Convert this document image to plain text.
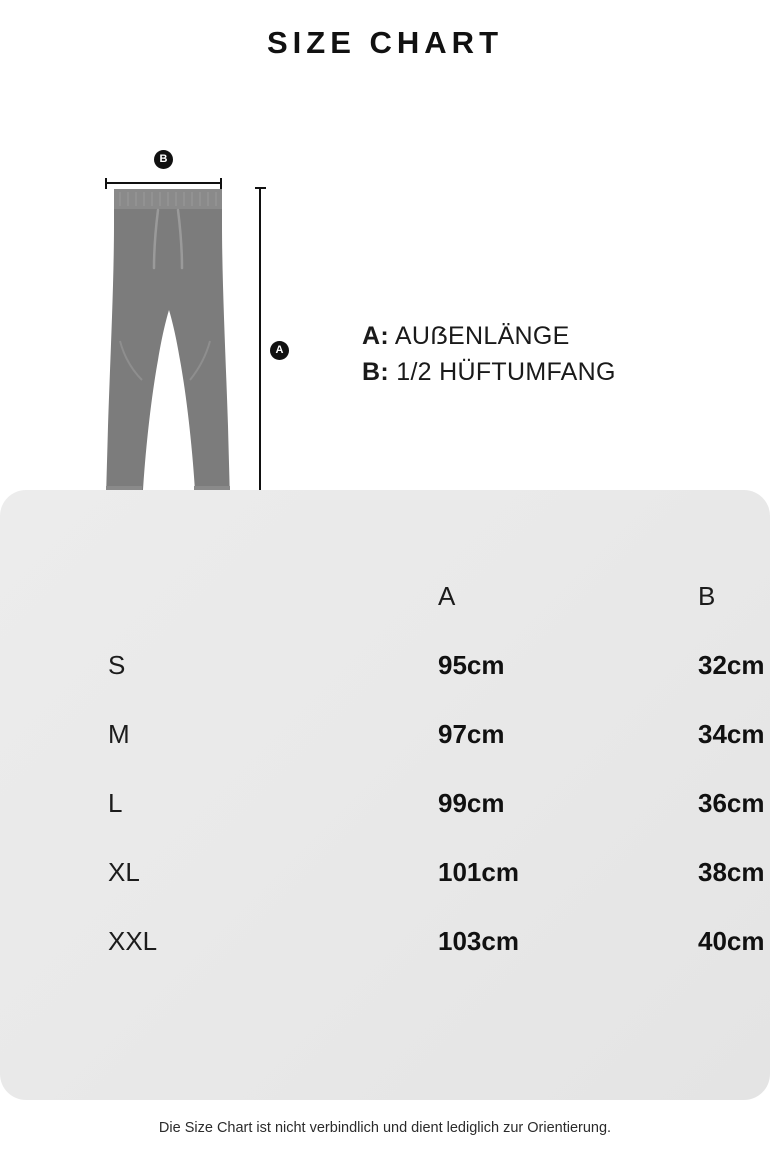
SIZE CHART
B
A	A: AUẞENLÄNGE
B: 1/2 HÜFTUMFANG
	A	B
S	95cm	32cm
M	97cm	34cm
L	99cm	36cm
XL	101cm	38cm
XXL	103cm	40cm
Die Size Chart ist nicht verbindlich und dient lediglich zur Orientierung.
